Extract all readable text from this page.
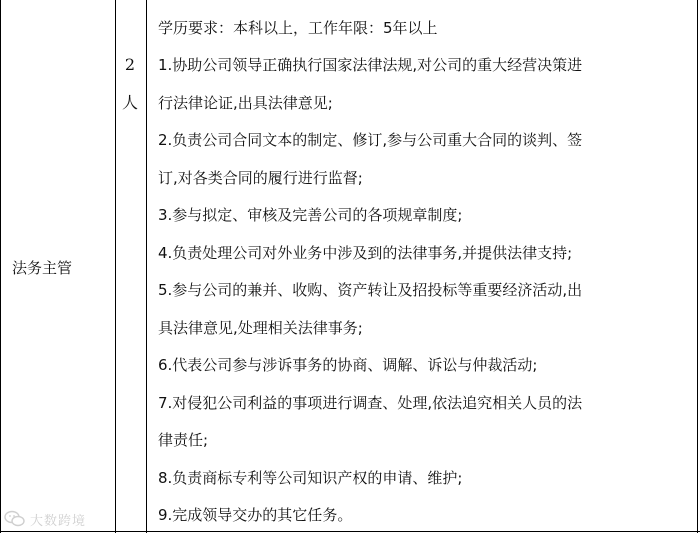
法务主管
2
人
学历要求：本科以上，工作年限：5年以上
1.协助公司领导正确执行国家法律法规,对公司的重大经营决策进
行法律论证,出具法律意见;
2.负责公司合同文本的制定、修订,参与公司重大合同的谈判、签
订,对各类合同的履行进行监督;
3.参与拟定、审核及完善公司的各项规章制度;
4.负责处理公司对外业务中涉及到的法律事务,并提供法律支持;
5.参与公司的兼并、收购、资产转让及招投标等重要经济活动,出
具法律意见,处理相关法律事务;
6.代表公司参与涉诉事务的协商、调解、诉讼与仲裁活动;
7.对侵犯公司利益的事项进行调查、处理,依法追究相关人员的法
律责任;
8.负责商标专利等公司知识产权的申请、维护;
9.完成领导交办的其它任务。
大数跨境
